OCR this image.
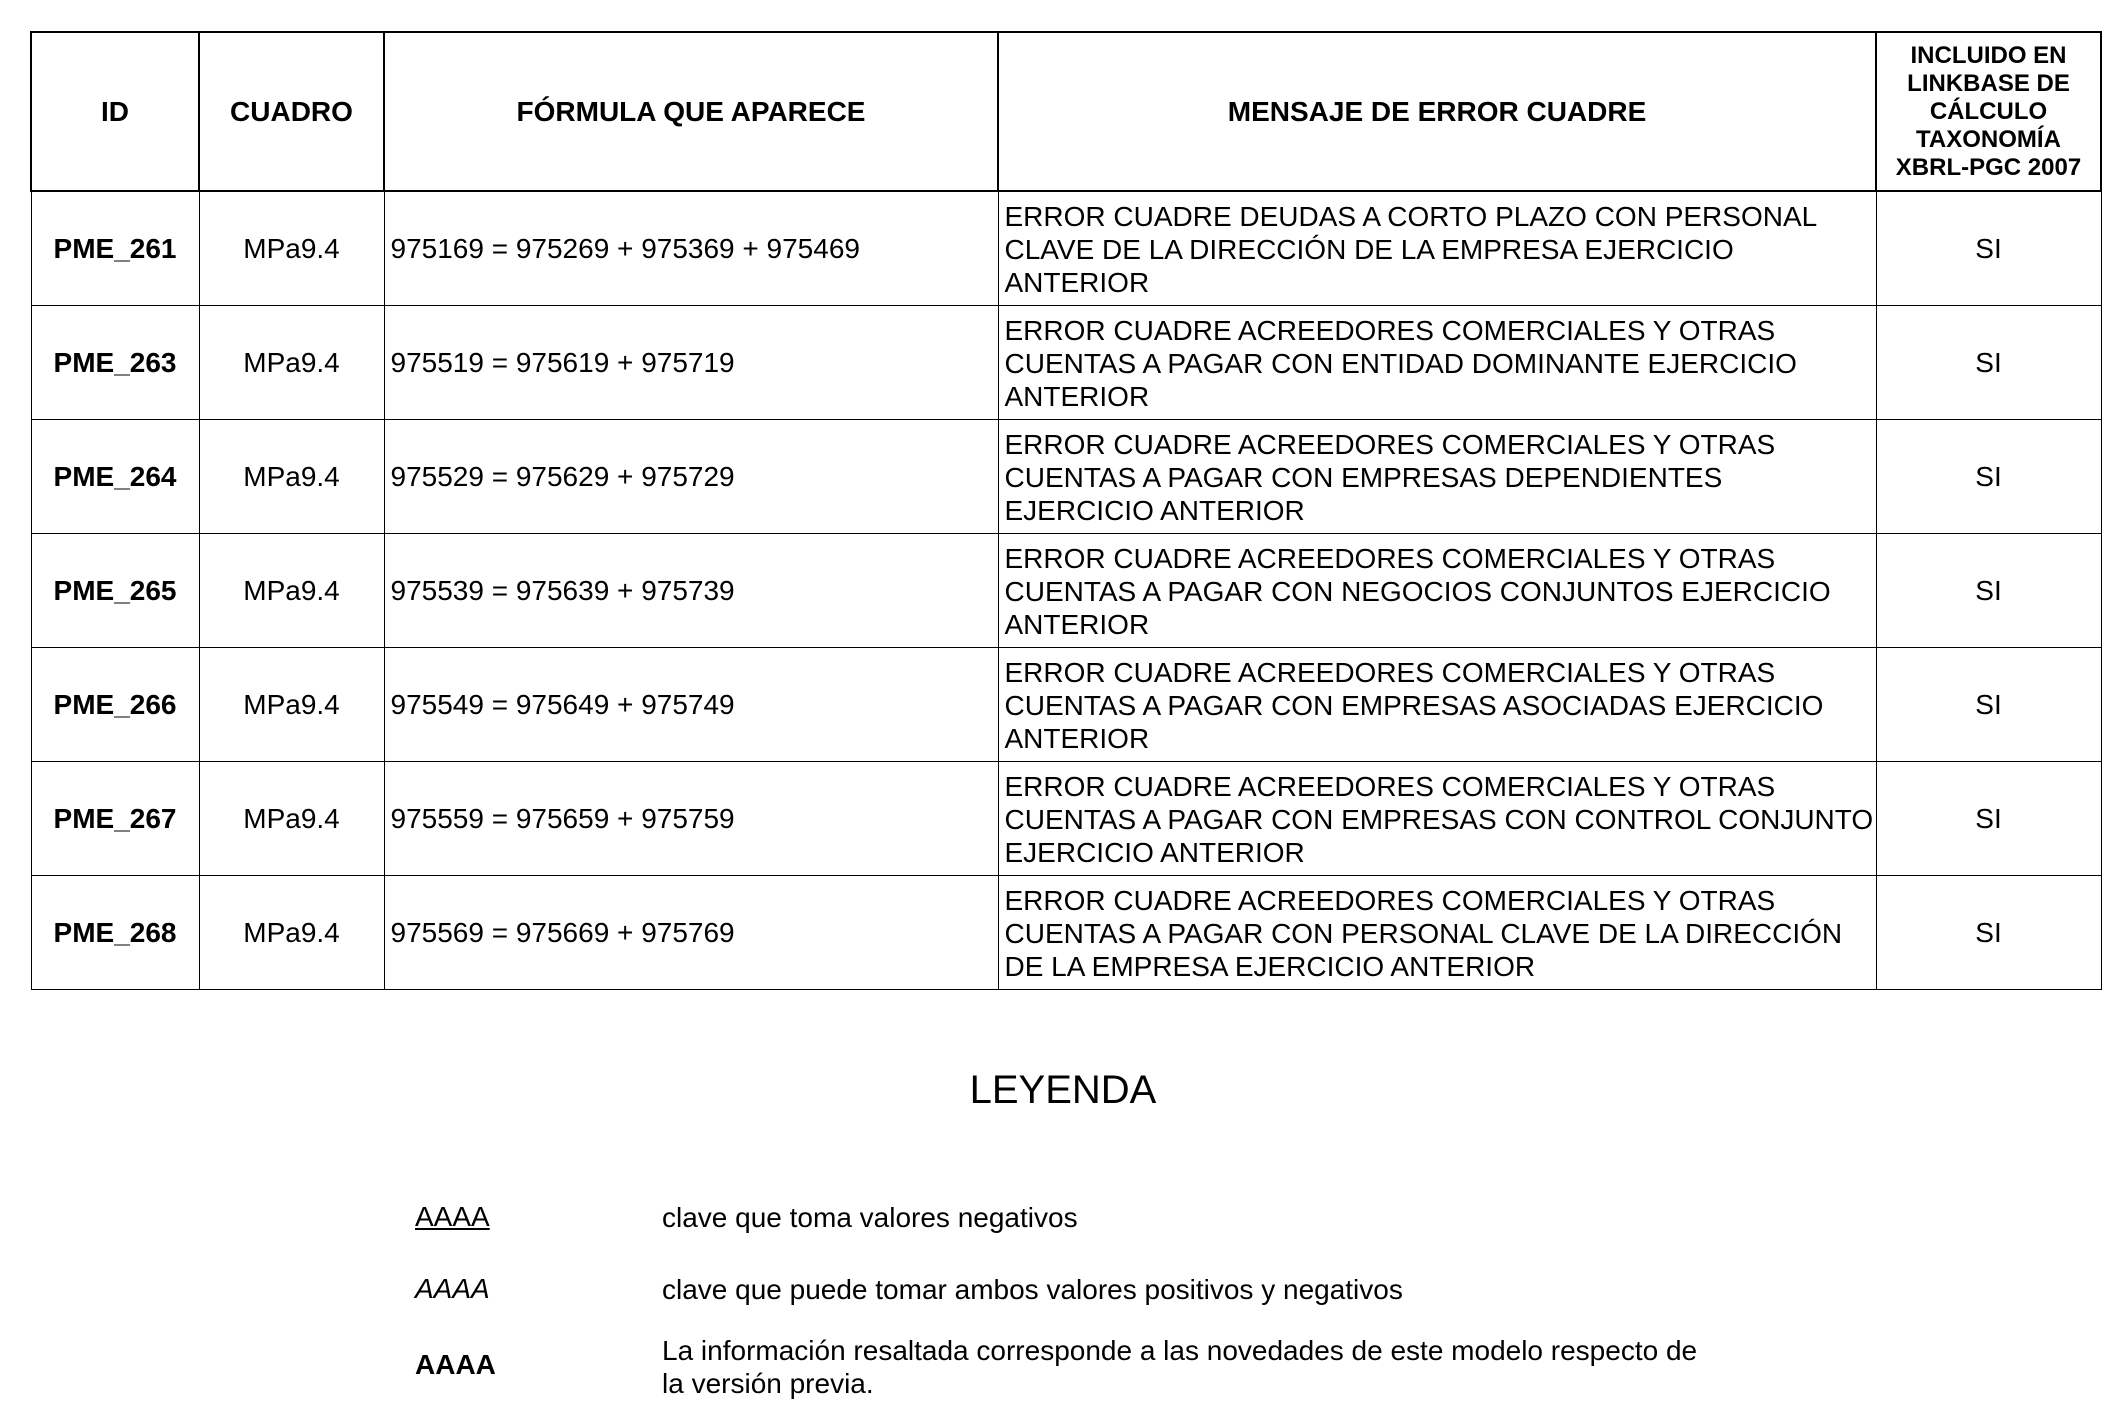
ID	CUADRO	FÓRMULA QUE APARECE	MENSAJE DE ERROR CUADRE	INCLUIDO EN LINKBASE DE CÁLCULO TAXONOMÍA XBRL-PGC 2007
PME_261	MPa9.4	975169 = 975269 + 975369 + 975469	ERROR CUADRE DEUDAS A CORTO PLAZO CON PERSONAL CLAVE DE LA DIRECCIÓN DE LA EMPRESA EJERCICIO ANTERIOR	SI
PME_263	MPa9.4	975519 = 975619 + 975719	ERROR CUADRE ACREEDORES COMERCIALES Y OTRAS CUENTAS A PAGAR CON ENTIDAD DOMINANTE EJERCICIO ANTERIOR	SI
PME_264	MPa9.4	975529 = 975629 + 975729	ERROR CUADRE ACREEDORES COMERCIALES Y OTRAS CUENTAS A PAGAR CON EMPRESAS DEPENDIENTES EJERCICIO ANTERIOR	SI
PME_265	MPa9.4	975539 = 975639 + 975739	ERROR CUADRE ACREEDORES COMERCIALES Y OTRAS CUENTAS A PAGAR CON NEGOCIOS CONJUNTOS EJERCICIO ANTERIOR	SI
PME_266	MPa9.4	975549 = 975649 + 975749	ERROR CUADRE ACREEDORES COMERCIALES Y OTRAS CUENTAS A PAGAR CON EMPRESAS ASOCIADAS EJERCICIO ANTERIOR	SI
PME_267	MPa9.4	975559 = 975659 + 975759	ERROR CUADRE ACREEDORES COMERCIALES Y OTRAS CUENTAS A PAGAR CON EMPRESAS CON CONTROL CONJUNTO EJERCICIO ANTERIOR	SI
PME_268	MPa9.4	975569 = 975669 + 975769	ERROR CUADRE ACREEDORES COMERCIALES Y OTRAS CUENTAS A PAGAR CON PERSONAL CLAVE DE LA DIRECCIÓN DE LA EMPRESA EJERCICIO ANTERIOR	SI
LEYENDA
AAAA	clave que toma valores negativos
AAAA	clave que puede tomar ambos valores positivos y negativos
AAAA	La información resaltada corresponde a las novedades de este modelo respecto de la versión previa.
